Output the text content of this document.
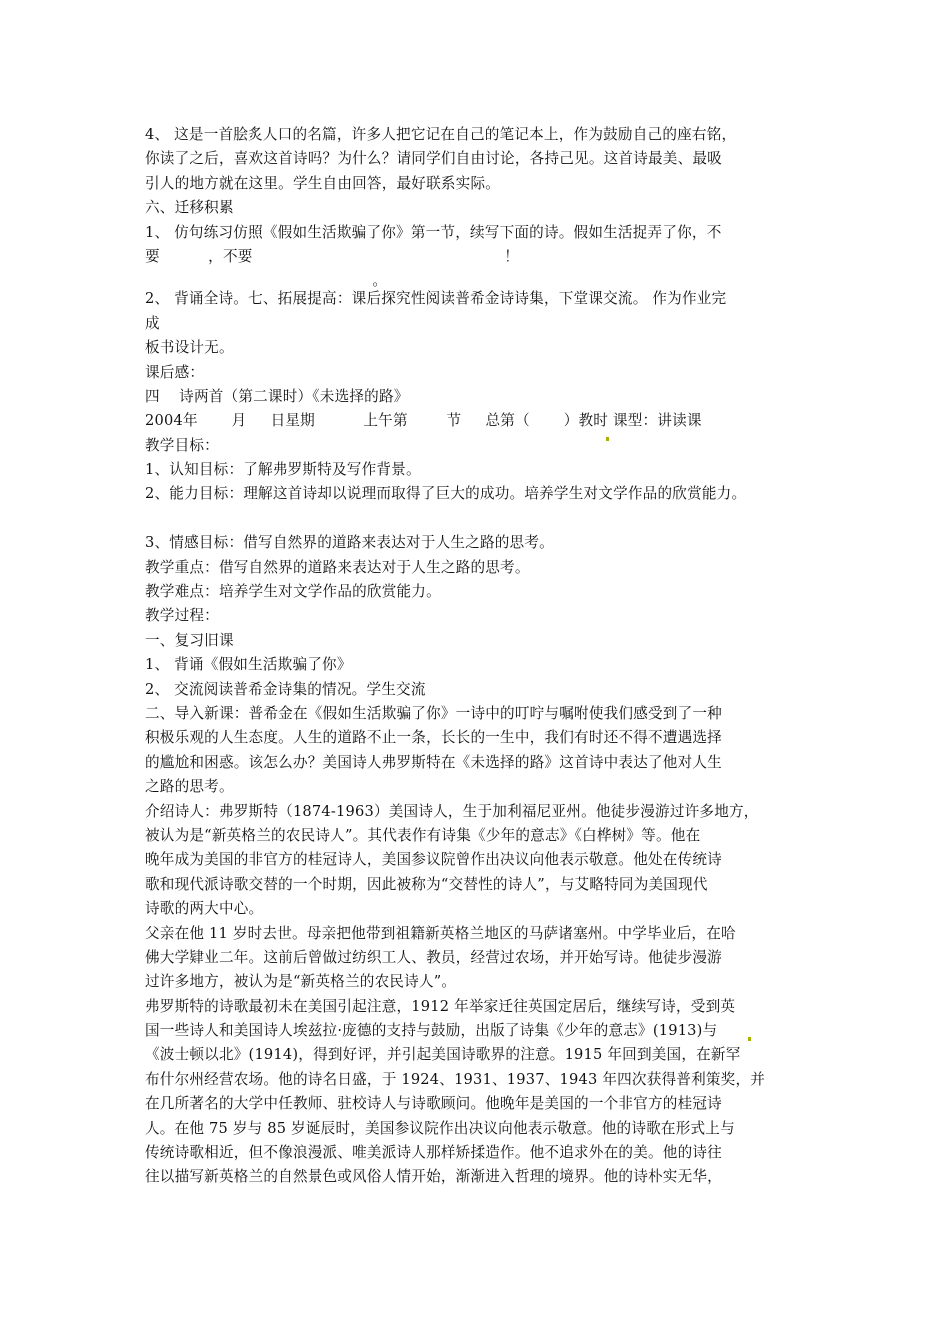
4、 这是一首脍炙人口的名篇，许多人把它记在自己的笔记本上，作为鼓励自己的座右铭，
你读了之后，喜欢这首诗吗？为什么？请同学们自由讨论，各持己见。这首诗最美、最吸
引人的地方就在这里。学生自由回答，最好联系实际。
六、迁移积累
1、 仿句练习仿照《假如生活欺骗了你》第一节，续写下面的诗。假如生活捉弄了你，不
要          ，不要                                                    ！
。
2、 背诵全诗。七、拓展提高：课后探究性阅读普希金诗诗集，下堂课交流。 作为作业完
成
板书设计无。
课后感：
四    诗两首（第二课时）《未选择的路》
2004年       月     日星期          上午第        节     总第（       ）教时 课型：讲读课
教学目标：
1、认知目标：了解弗罗斯特及写作背景。
2、能力目标：理解这首诗却以说理而取得了巨大的成功。培养学生对文学作品的欣赏能力。
3、情感目标：借写自然界的道路来表达对于人生之路的思考。
教学重点：借写自然界的道路来表达对于人生之路的思考。
教学难点：培养学生对文学作品的欣赏能力。
教学过程：
一、复习旧课
1、 背诵《假如生活欺骗了你》
2、 交流阅读普希金诗集的情况。学生交流
二、导入新课：普希金在《假如生活欺骗了你》一诗中的叮咛与嘱咐使我们感受到了一种
积极乐观的人生态度。人生的道路不止一条，长长的一生中，我们有时还不得不遭遇选择
的尴尬和困惑。该怎么办？美国诗人弗罗斯特在《未选择的路》这首诗中表达了他对人生
之路的思考。
介绍诗人：弗罗斯特（1874-1963）美国诗人，生于加利福尼亚州。他徒步漫游过许多地方，
被认为是“新英格兰的农民诗人”。其代表作有诗集《少年的意志》《白桦树》等。他在
晚年成为美国的非官方的桂冠诗人，美国参议院曾作出决议向他表示敬意。他处在传统诗
歌和现代派诗歌交替的一个时期，因此被称为“交替性的诗人”，与艾略特同为美国现代
诗歌的两大中心。
父亲在他 11 岁时去世。母亲把他带到祖籍新英格兰地区的马萨诸塞州。中学毕业后，在哈
佛大学肄业二年。这前后曾做过纺织工人、教员，经营过农场，并开始写诗。他徒步漫游
过许多地方，被认为是“新英格兰的农民诗人”。
弗罗斯特的诗歌最初未在美国引起注意，1912 年举家迁往英国定居后，继续写诗，受到英
国一些诗人和美国诗人埃兹拉·庞德的支持与鼓励，出版了诗集《少年的意志》(1913)与
《波士顿以北》(1914)，得到好评，并引起美国诗歌界的注意。1915 年回到美国，在新罕
布什尔州经营农场。他的诗名日盛，于 1924、1931、1937、1943 年四次获得普利策奖，并
在几所著名的大学中任教师、驻校诗人与诗歌顾问。他晚年是美国的一个非官方的桂冠诗
人。在他 75 岁与 85 岁诞辰时，美国参议院作出决议向他表示敬意。他的诗歌在形式上与
传统诗歌相近，但不像浪漫派、唯美派诗人那样矫揉造作。他不追求外在的美。他的诗往
往以描写新英格兰的自然景色或风俗人情开始，渐渐进入哲理的境界。他的诗朴实无华，
